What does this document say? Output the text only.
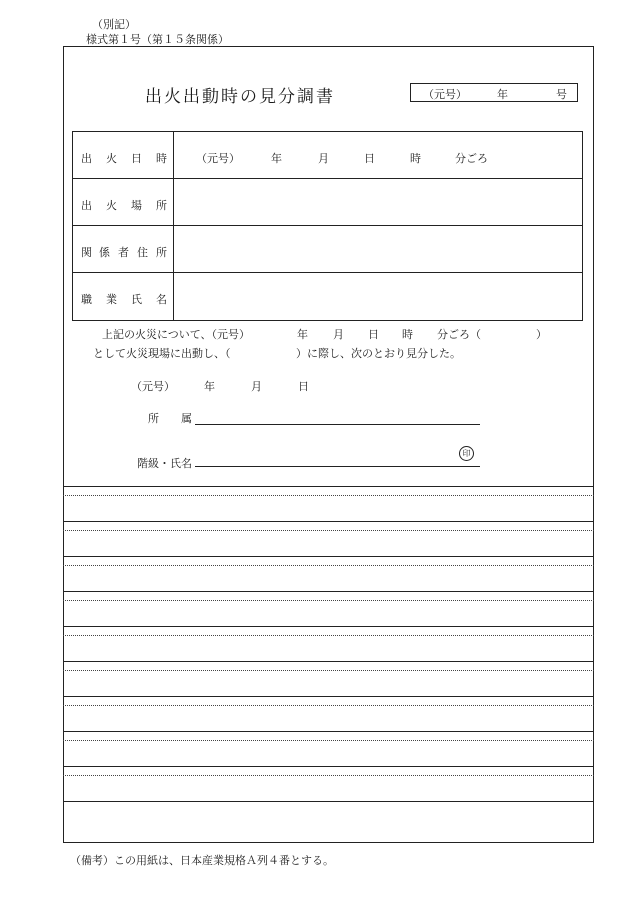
（別記）
様式第１号（第１５条関係）
出火出動時の見分調書	（元号）	年	号
出 火 日 時	（元号）	年	月	日	時	分ごろ
出 火 場 所
関 係 者 住 所
職 業 氏 名
上記の火災について、（元号）	年 月 日 時 分ごろ（	）
として火災現場に出動し、（	）に際し、次のとおり見分した。
（元号）	年	月	日
所 属
階級・氏名
印
（備考）この用紙は、日本産業規格Ａ列４番とする。
